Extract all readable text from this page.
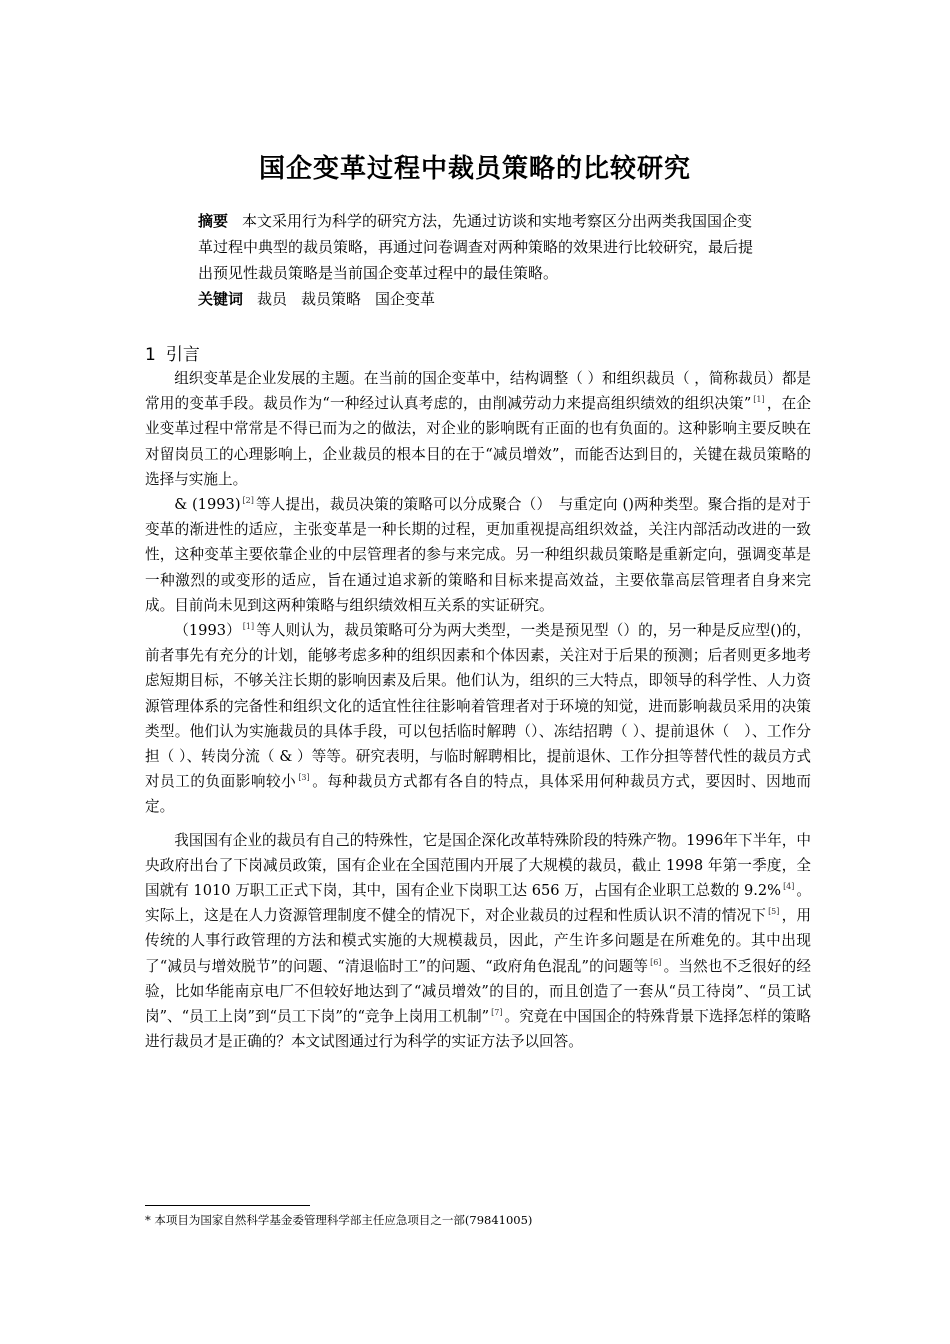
国企变革过程中裁员策略的比较研究
摘要 本文采用行为科学的研究方法，先通过访谈和实地考察区分出两类我国国企变革过程中典型的裁员策略，再通过问卷调查对两种策略的效果进行比较研究，最后提出预见性裁员策略是当前国企变革过程中的最佳策略。
关键词 裁员 裁员策略 国企变革
1 引言

组织变革是企业发展的主题。在当前的国企变革中，结构调整（ ）和组织裁员（ ，简称裁员）都是常用的变革手段。裁员作为“一种经过认真考虑的，由削减劳动力来提高组织绩效的组织决策” [1] ，在企业变革过程中常常是不得已而为之的做法，对企业的影响既有正面的也有负面的。这种影响主要反映在对留岗员工的心理影响上，企业裁员的根本目的在于“减员增效”，而能否达到目的，关键在裁员策略的选择与实施上。

& (1993) [2] 等人提出，裁员决策的策略可以分成聚合（）　与重定向 ()两种类型。聚合指的是对于变革的渐进性的适应，主张变革是一种长期的过程，更加重视提高组织效益，关注内部活动改进的一致性，这种变革主要依靠企业的中层管理者的参与来完成。另一种组织裁员策略是重新定向，强调变革是一种激烈的或变形的适应，旨在通过追求新的策略和目标来提高效益，主要依靠高层管理者自身来完成。目前尚未见到这两种策略与组织绩效相互关系的实证研究。

（1993） [1] 等人则认为，裁员策略可分为两大类型，一类是预见型（）的，另一种是反应型()的，前者事先有充分的计划，能够考虑多种的组织因素和个体因素，关注对于后果的预测；后者则更多地考虑短期目标，不够关注长期的影响因素及后果。他们认为，组织的三大特点，即领导的科学性、人力资源管理体系的完备性和组织文化的适宜性往往影响着管理者对于环境的知觉，进而影响裁员采用的决策类型。他们认为实施裁员的具体手段，可以包括临时解聘（）、冻结招聘（ ）、提前退休（　）、工作分担（ ）、转岗分流（ & ）等等。研究表明，与临时解聘相比，提前退休、工作分担等替代性的裁员方式对员工的负面影响较小 [3] 。每种裁员方式都有各自的特点，具体采用何种裁员方式，要因时、因地而定。

我国国有企业的裁员有自己的特殊性，它是国企深化改革特殊阶段的特殊产物。1996年下半年，中央政府出台了下岗减员政策，国有企业在全国范围内开展了大规模的裁员，截止 1998 年第一季度，全国就有 1010 万职工正式下岗，其中，国有企业下岗职工达 656 万，占国有企业职工总数的 9.2% [4] 。实际上，这是在人力资源管理制度不健全的情况下，对企业裁员的过程和性质认识不清的情况下 [5] ，用传统的人事行政管理的方法和模式实施的大规模裁员，因此，产生许多问题是在所难免的。其中出现了“减员与增效脱节”的问题、“清退临时工”的问题、“政府角色混乱”的问题等 [6] 。当然也不乏很好的经验，比如华能南京电厂不但较好地达到了“减员增效”的目的，而且创造了一套从“员工待岗”、“员工试岗”、“员工上岗”到“员工下岗”的“竞争上岗用工机制” [7] 。究竟在中国国企的特殊背景下选择怎样的策略进行裁员才是正确的？本文试图通过行为科学的实证方法予以回答。

* 本项目为国家自然科学基金委管理科学部主任应急项目之一部(79841005)
